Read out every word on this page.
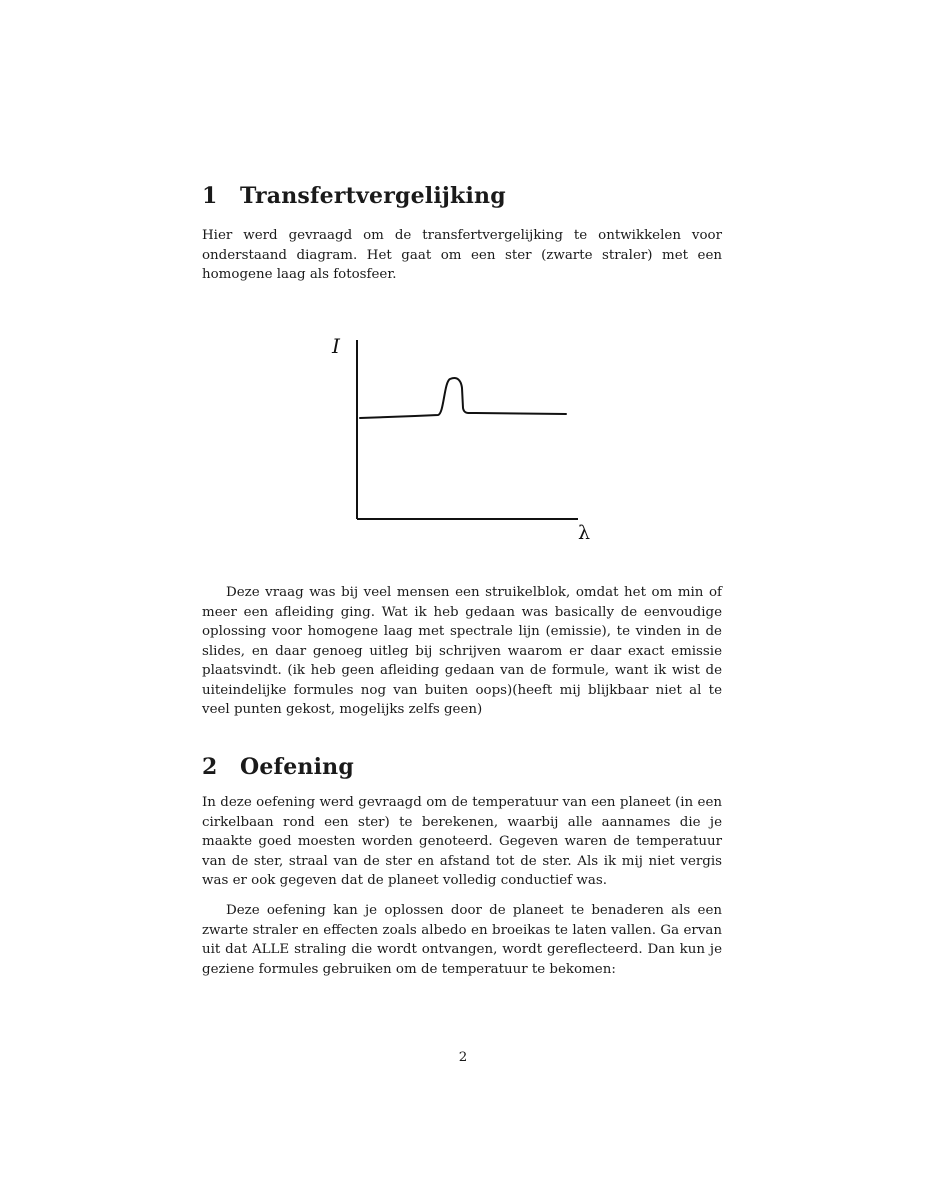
1 Transfertvergelijking

Hier werd gevraagd om de transfertvergelijking te ontwikkelen voor onderstaand diagram. Het gaat om een ster (zwarte straler) met een homogene laag als fotosfeer.

I
λ

Deze vraag was bij veel mensen een struikelblok, omdat het om min of meer een afleiding ging. Wat ik heb gedaan was basically de eenvoudige oplossing voor homogene laag met spectrale lijn (emissie), te vinden in de slides, en daar genoeg uitleg bij schrijven waarom er daar exact emissie plaatsvindt. (ik heb geen afleiding gedaan van de formule, want ik wist de uiteindelijke formules nog van buiten oops)(heeft mij blijkbaar niet al te veel punten gekost, mogelijks zelfs geen)

2 Oefening

In deze oefening werd gevraagd om de temperatuur van een planeet (in een cirkelbaan rond een ster) te berekenen, waarbij alle aannames die je maakte goed moesten worden genoteerd. Gegeven waren de temperatuur van de ster, straal van de ster en afstand tot de ster. Als ik mij niet vergis was er ook gegeven dat de planeet volledig conductief was.

Deze oefening kan je oplossen door de planeet te benaderen als een zwarte straler en effecten zoals albedo en broeikas te laten vallen. Ga ervan uit dat ALLE straling die wordt ontvangen, wordt gereflecteerd. Dan kun je geziene formules gebruiken om de temperatuur te bekomen:

2
